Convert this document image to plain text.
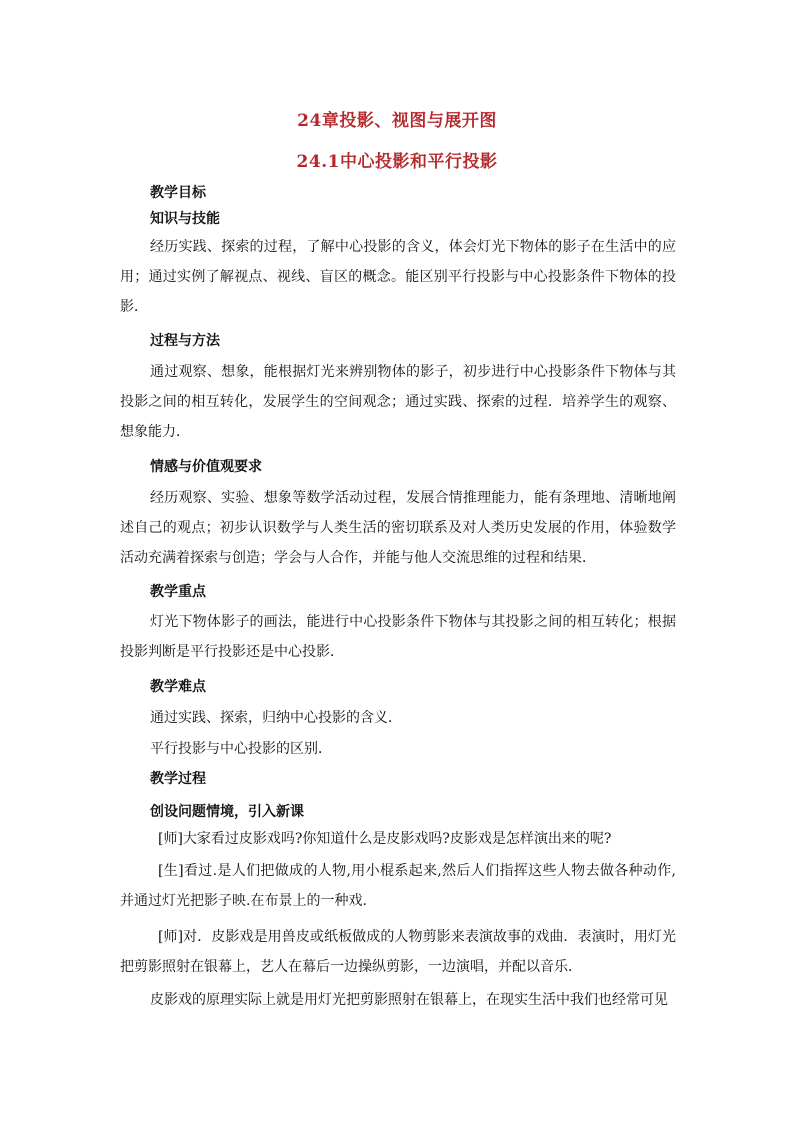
24章投影、视图与展开图
24.1中心投影和平行投影
教学目标
知识与技能

经历实践、探索的过程，了解中心投影的含义，体会灯光下物体的影子在生活中的应用；通过实例了解视点、视线、盲区的概念。能区别平行投影与中心投影条件下物体的投影．

过程与方法

通过观察、想象，能根据灯光来辨别物体的影子，初步进行中心投影条件下物体与其投影之间的相互转化，发展学生的空间观念；通过实践、探索的过程．培养学生的观察、想象能力．

情感与价值观要求

经历观察、实验、想象等数学活动过程，发展合情推理能力，能有条理地、清晰地阐述自己的观点；初步认识数学与人类生活的密切联系及对人类历史发展的作用，体验数学活动充满着探索与创造；学会与人合作，并能与他人交流思维的过程和结果．

教学重点

灯光下物体影子的画法，能进行中心投影条件下物体与其投影之间的相互转化；根据投影判断是平行投影还是中心投影．

教学难点
通过实践、探索，归纳中心投影的含义．
平行投影与中心投影的区别．
教学过程
创设问题情境，引入新课

[师]大家看过皮影戏吗?你知道什么是皮影戏吗?皮影戏是怎样演出来的呢?

[生]看过.是人们把做成的人物,用小棍系起来,然后人们指挥这些人物去做各种动作,并通过灯光把影子映.在布景上的一种戏.

[师]对．皮影戏是用兽皮或纸板做成的人物剪影来表演故事的戏曲．表演时，用灯光把剪影照射在银幕上，艺人在幕后一边操纵剪影，一边演唱，并配以音乐．

皮影戏的原理实际上就是用灯光把剪影照射在银幕上，在现实生活中我们也经常可见
